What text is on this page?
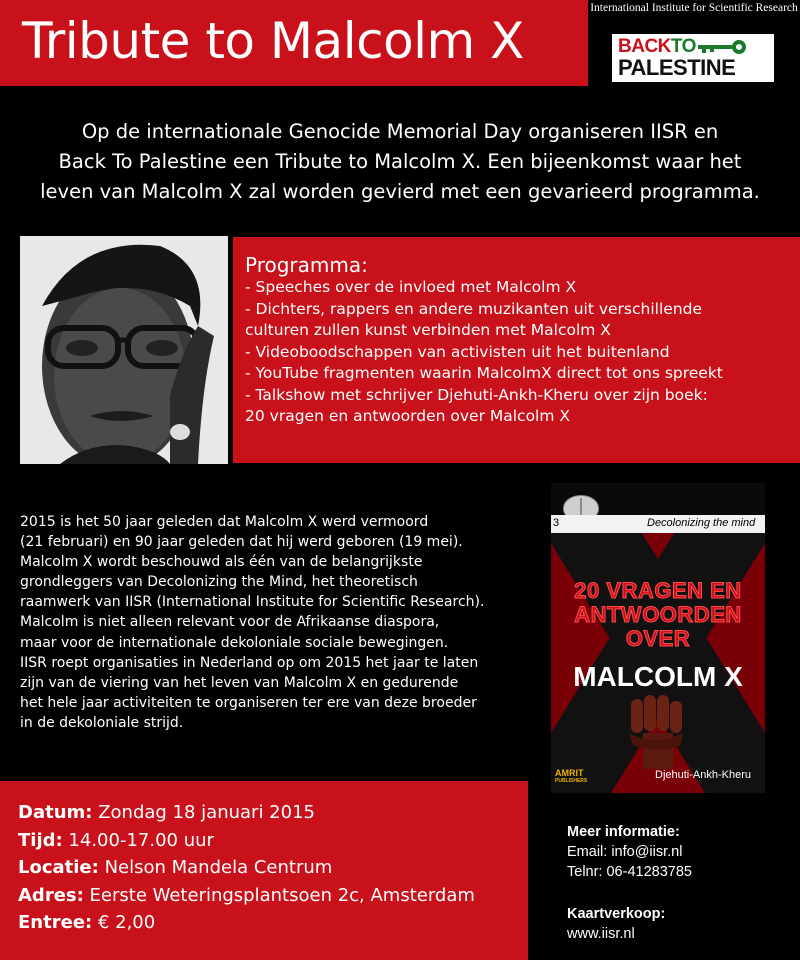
Tribute to Malcolm X
International Institute for Scientific Research
BACK TO
PALESTINE
Op de internationale Genocide Memorial Day organiseren IISR en
Back To Palestine een Tribute to Malcolm X. Een bijeenkomst waar het
leven van Malcolm X zal worden gevierd met een gevarieerd programma.
Programma:
- Speeches over de invloed met Malcolm X
- Dichters, rappers en andere muzikanten uit verschillende
culturen zullen kunst verbinden met Malcolm X
- Videoboodschappen van activisten uit het buitenland
- YouTube fragmenten waarin MalcolmX direct tot ons spreekt
- Talkshow met schrijver Djehuti-Ankh-Kheru over zijn boek:
20 vragen en antwoorden over Malcolm X
2015 is het 50 jaar geleden dat Malcolm X werd vermoord
(21 februari) en 90 jaar geleden dat hij werd geboren (19 mei).
Malcolm X wordt beschouwd als één van de belangrijkste
grondleggers van Decolonizing the Mind, het theoretisch
raamwerk van IISR (International Institute for Scientific Research).
Malcolm is niet alleen relevant voor de Afrikaanse diaspora,
maar voor de internationale dekoloniale sociale bewegingen.
IISR roept organisaties in Nederland op om 2015 het jaar te laten
zijn van de viering van het leven van Malcolm X en gedurende
het hele jaar activiteiten te organiseren ter ere van deze broeder
in de dekoloniale strijd.
3	Decolonizing the mind
20 VRAGEN EN
ANTWOORDEN
OVER
MALCOLM X
AMRIT
PUBLISHERS	Djehuti-Ankh-Kheru
Datum: Zondag 18 januari 2015
Tijd: 14.00-17.00 uur
Locatie: Nelson Mandela Centrum
Adres: Eerste Weteringsplantsoen 2c, Amsterdam
Entree: € 2,00
Meer informatie:
Email: info@iisr.nl
Telnr: 06-41283785
Kaartverkoop:
www.iisr.nl
